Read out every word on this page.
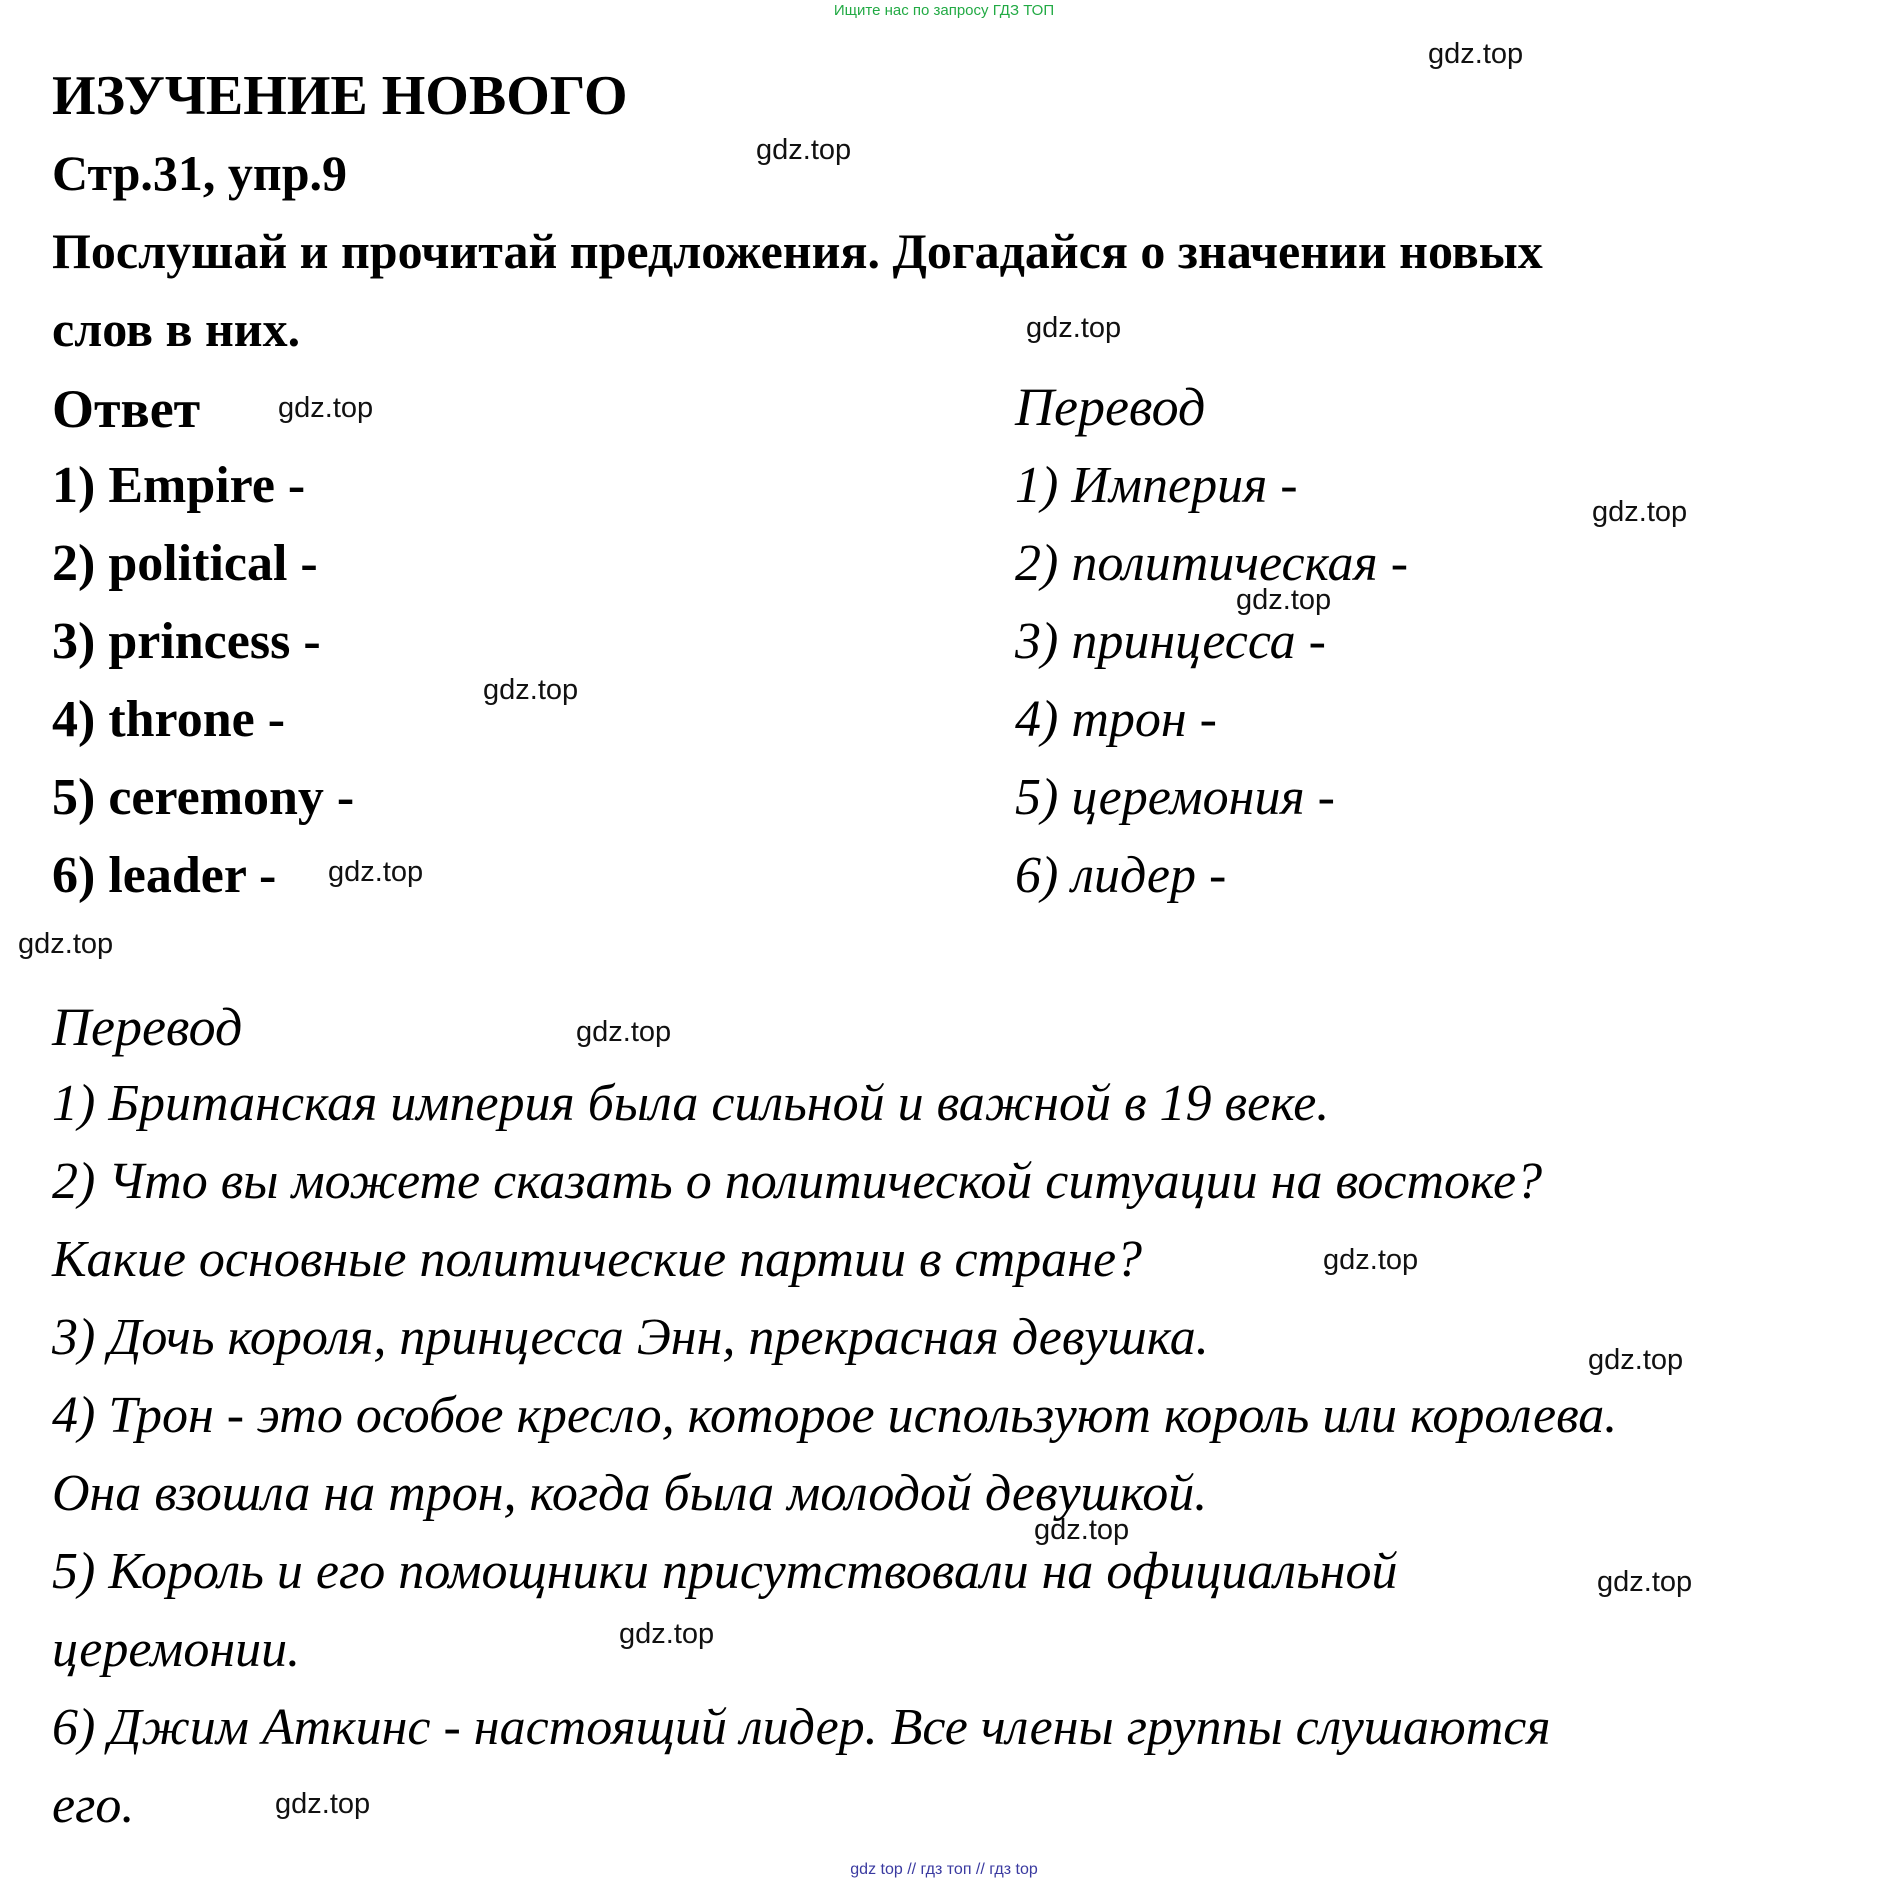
Ищите нас по запросу ГДЗ ТОП
ИЗУЧЕНИЕ НОВОГО
Стр.31, упр.9
Послушай и прочитай предложения. Догадайся о значении новых
слов в них.
Ответ	Перевод
1) Empire -
2) political -
3) princess -
4) throne -
5) ceremony -
6) leader -
1) Империя -
2) политическая -
3) принцесса -
4) трон -
5) церемония -
6) лидер -
Перевод
1) Британская империя была сильной и важной в 19 веке.
2) Что вы можете сказать о политической ситуации на востоке?
Какие основные политические партии в стране?
3) Дочь короля, принцесса Энн, прекрасная девушка.
4) Трон - это особое кресло, которое используют король или королева.
Она взошла на трон, когда была молодой девушкой.
5) Король и его помощники присутствовали на официальной
церемонии.
6) Джим Аткинс - настоящий лидер. Все члены группы слушаются
его.
gdz.top
gdz.top
gdz.top
gdz.top
gdz.top
gdz.top
gdz.top
gdz.top
gdz.top
gdz.top
gdz.top
gdz.top
gdz.top
gdz.top
gdz.top
gdz.top
gdz top // гдз топ // гдз top
